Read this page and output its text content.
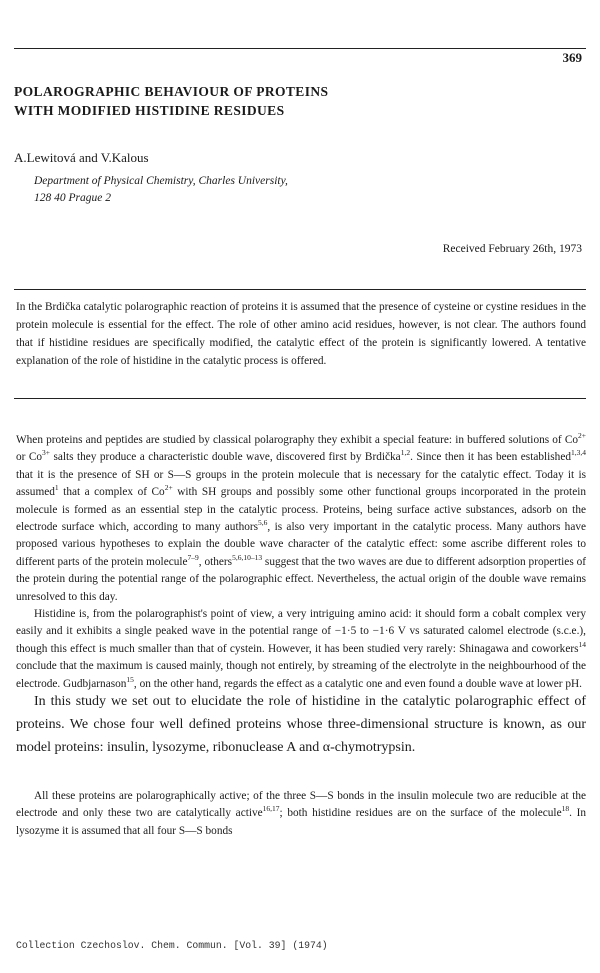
369
POLAROGRAPHIC BEHAVIOUR OF PROTEINS
WITH MODIFIED HISTIDINE RESIDUES
A.Lewitová and V.Kalous
Department of Physical Chemistry, Charles University,
128 40 Prague 2
Received February 26th, 1973
In the Brdička catalytic polarographic reaction of proteins it is assumed that the presence of cysteine or cystine residues in the protein molecule is essential for the effect. The role of other amino acid residues, however, is not clear. The authors found that if histidine residues are specifically modified, the catalytic effect of the protein is significantly lowered. A tentative explanation of the role of histidine in the catalytic process is offered.

When proteins and peptides are studied by classical polarography they exhibit a special feature: in buffered solutions of $Co^{2+}$ or $Co^{3+}$ salts they produce a characteristic double wave, discovered first by Brdička$^{1,2}$. Since then it has been established$^{1,3,4}$ that it is the presence of SH or S—S groups in the protein molecule that is necessary for the catalytic effect. Today it is assumed$^1$ that a complex of $Co^{2+}$ with SH groups and possibly some other functional groups incorporated in the protein molecule is formed as an essential step in the catalytic process. Proteins, being surface active substances, adsorb on the electrode surface which, according to many authors$^{5,6}$, is also very important in the catalytic process. Many authors have proposed various hypotheses to explain the double wave character of the catalytic effect: some ascribe different roles to different parts of the protein molecule$^{7-9}$, others$^{5,6,10-13}$ suggest that the two waves are due to different adsorption properties of the protein during the potential range of the polarographic effect. Nevertheless, the actual origin of the double wave remains unresolved to this day.

Histidine is, from the polarographist's point of view, a very intriguing amino acid: it should form a cobalt complex very easily and it exhibits a single peaked wave in the potential range of −1·5 to −1·6 V vs saturated calomel electrode (s.c.e.), though this effect is much smaller than that of cystein. However, it has been studied very rarely: Shinagawa and coworkers$^{14}$ conclude that the maximum is caused mainly, though not entirely, by streaming of the electrolyte in the neighbourhood of the electrode. Gudbjarnason$^{15}$, on the other hand, regards the effect as a catalytic one and even found a double wave at lower pH.

In this study we set out to elucidate the role of histidine in the catalytic polarographic effect of proteins. We chose four well defined proteins whose three-dimensional structure is known, as our model proteins: insulin, lysozyme, ribonuclease A and α-chymotrypsin.

All these proteins are polarographically active; of the three S—S bonds in the insulin molecule two are reducible at the electrode and only these two are catalytically active$^{16,17}$; both histidine residues are on the surface of the molecule$^{18}$. In lysozyme it is assumed that all four S—S bonds

Collection Czechoslov. Chem. Commun. [Vol. 39] (1974)
